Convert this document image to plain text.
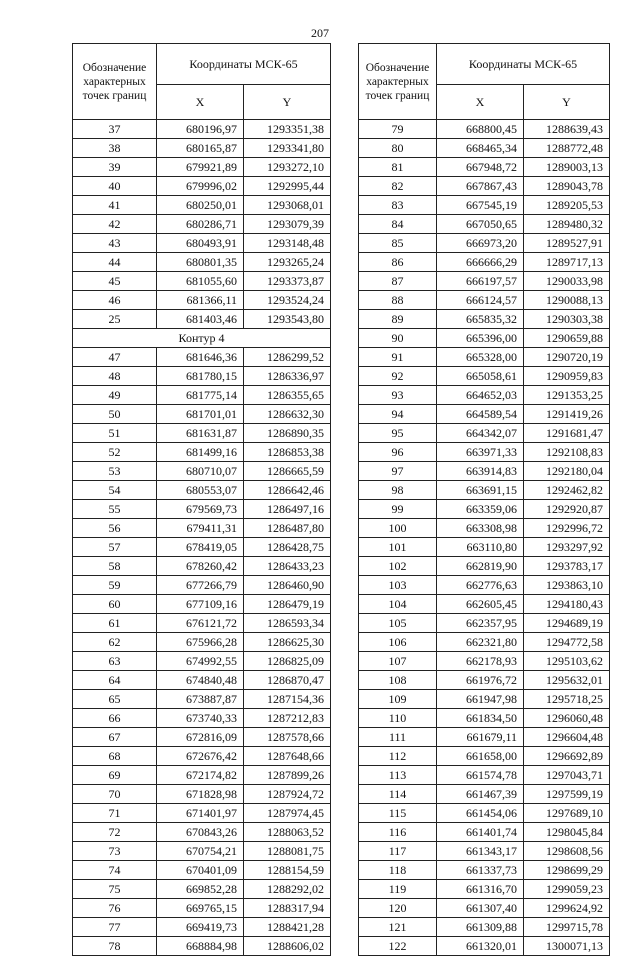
207
Обозначение характерных точек границ	Координаты МСК-65	
	X	Y
37	680196,97	1293351,38
38	680165,87	1293341,80
39	679921,89	1293272,10
40	679996,02	1292995,44
41	680250,01	1293068,01
42	680286,71	1293079,39
43	680493,91	1293148,48
44	680801,35	1293265,24
45	681055,60	1293373,87
46	681366,11	1293524,24
25	681403,46	1293543,80
Контур 4		
47	681646,36	1286299,52
48	681780,15	1286336,97
49	681775,14	1286355,65
50	681701,01	1286632,30
51	681631,87	1286890,35
52	681499,16	1286853,38
53	680710,07	1286665,59
54	680553,07	1286642,46
55	679569,73	1286497,16
56	679411,31	1286487,80
57	678419,05	1286428,75
58	678260,42	1286433,23
59	677266,79	1286460,90
60	677109,16	1286479,19
61	676121,72	1286593,34
62	675966,28	1286625,30
63	674992,55	1286825,09
64	674840,48	1286870,47
65	673887,87	1287154,36
66	673740,33	1287212,83
67	672816,09	1287578,66
68	672676,42	1287648,66
69	672174,82	1287899,26
70	671828,98	1287924,72
71	671401,97	1287974,45
72	670843,26	1288063,52
73	670754,21	1288081,75
74	670401,09	1288154,59
75	669852,28	1288292,02
76	669765,15	1288317,94
77	669419,73	1288421,28
78	668884,98	1288606,02
Обозначение характерных точек границ	Координаты МСК-65	
	X	Y
79	668800,45	1288639,43
80	668465,34	1288772,48
81	667948,72	1289003,13
82	667867,43	1289043,78
83	667545,19	1289205,53
84	667050,65	1289480,32
85	666973,20	1289527,91
86	666666,29	1289717,13
87	666197,57	1290033,98
88	666124,57	1290088,13
89	665835,32	1290303,38
90	665396,00	1290659,88
91	665328,00	1290720,19
92	665058,61	1290959,83
93	664652,03	1291353,25
94	664589,54	1291419,26
95	664342,07	1291681,47
96	663971,33	1292108,83
97	663914,83	1292180,04
98	663691,15	1292462,82
99	663359,06	1292920,87
100	663308,98	1292996,72
101	663110,80	1293297,92
102	662819,90	1293783,17
103	662776,63	1293863,10
104	662605,45	1294180,43
105	662357,95	1294689,19
106	662321,80	1294772,58
107	662178,93	1295103,62
108	661976,72	1295632,01
109	661947,98	1295718,25
110	661834,50	1296060,48
111	661679,11	1296604,48
112	661658,00	1296692,89
113	661574,78	1297043,71
114	661467,39	1297599,19
115	661454,06	1297689,10
116	661401,74	1298045,84
117	661343,17	1298608,56
118	661337,73	1298699,29
119	661316,70	1299059,23
120	661307,40	1299624,92
121	661309,88	1299715,78
122	661320,01	1300071,13
